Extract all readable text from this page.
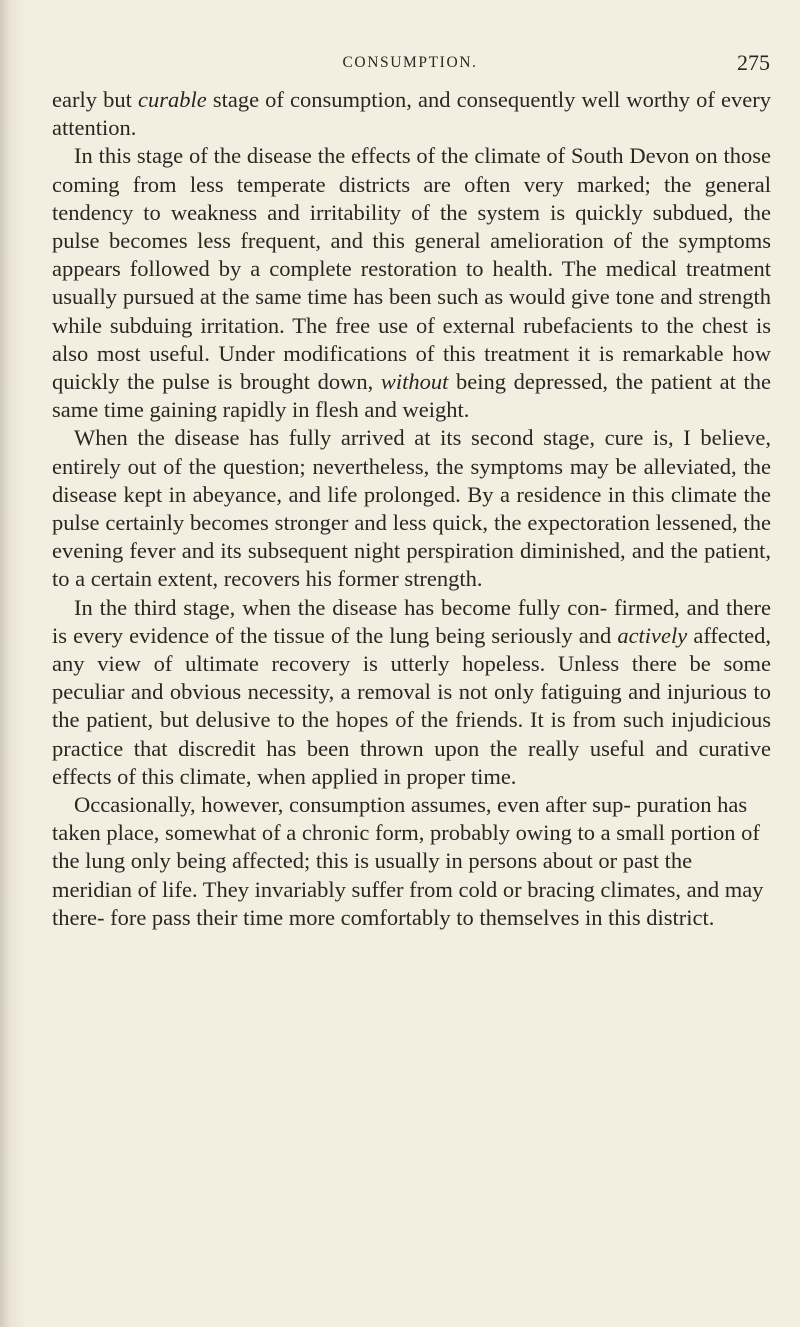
CONSUMPTION.	275

early but curable stage of consumption, and consequently well worthy of every attention.

In this stage of the disease the effects of the climate of South Devon on those coming from less temperate districts are often very marked; the general tendency to weakness and irritability of the system is quickly subdued, the pulse becomes less frequent, and this general amelioration of the symptoms appears followed by a complete restoration to health. The medical treatment usually pursued at the same time has been such as would give tone and strength while subduing irritation. The free use of external rubefacients to the chest is also most useful. Under modifications of this treatment it is remarkable how quickly the pulse is brought down, without being depressed, the patient at the same time gaining rapidly in flesh and weight.

When the disease has fully arrived at its second stage, cure is, I believe, entirely out of the question; nevertheless, the symptoms may be alleviated, the disease kept in abeyance, and life prolonged. By a residence in this climate the pulse certainly becomes stronger and less quick, the expectoration lessened, the evening fever and its subsequent night perspiration diminished, and the patient, to a certain extent, recovers his former strength.

In the third stage, when the disease has become fully con- firmed, and there is every evidence of the tissue of the lung being seriously and actively affected, any view of ultimate recovery is utterly hopeless. Unless there be some peculiar and obvious necessity, a removal is not only fatiguing and injurious to the patient, but delusive to the hopes of the friends. It is from such injudicious practice that discredit has been thrown upon the really useful and curative effects of this climate, when applied in proper time.

Occasionally, however, consumption assumes, even after sup- puration has taken place, somewhat of a chronic form, probably owing to a small portion of the lung only being affected; this is usually in persons about or past the meridian of life. They invariably suffer from cold or bracing climates, and may there- fore pass their time more comfortably to themselves in this district.
